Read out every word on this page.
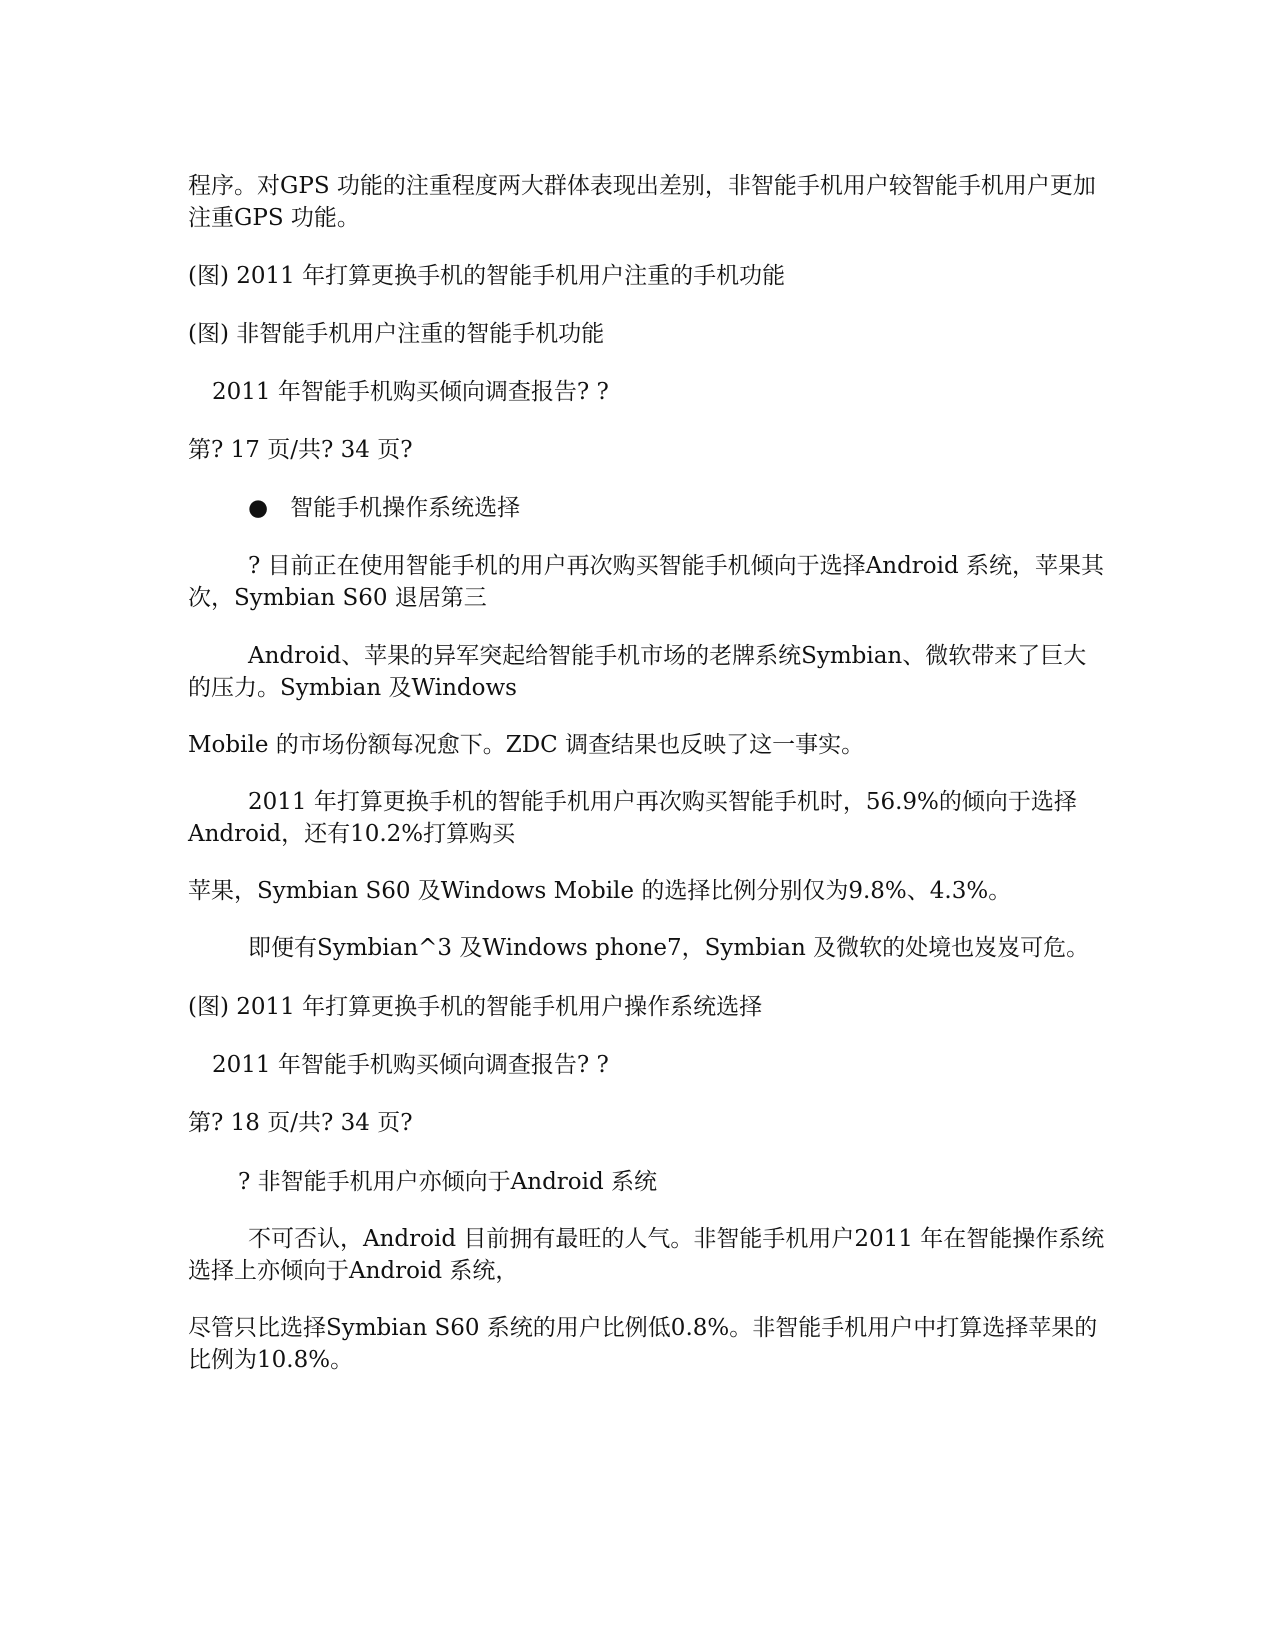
程序。对GPS 功能的注重程度两大群体表现出差别，非智能手机用户较智能手机用户更加注重GPS 功能。

(图) 2011 年打算更换手机的智能手机用户注重的手机功能

(图) 非智能手机用户注重的智能手机功能

2011 年智能手机购买倾向调查报告? ?

第? 17 页/共? 34 页?

● 智能手机操作系统选择

? 目前正在使用智能手机的用户再次购买智能手机倾向于选择Android 系统，苹果其次，Symbian S60 退居第三

Android、苹果的异军突起给智能手机市场的老牌系统Symbian、微软带来了巨大的压力。Symbian 及Windows

Mobile 的市场份额每况愈下。ZDC 调查结果也反映了这一事实。

2011 年打算更换手机的智能手机用户再次购买智能手机时，56.9%的倾向于选择Android，还有10.2%打算购买

苹果，Symbian S60 及Windows Mobile 的选择比例分别仅为9.8%、4.3%。

即便有Symbian^3 及Windows phone7，Symbian 及微软的处境也岌岌可危。

(图) 2011 年打算更换手机的智能手机用户操作系统选择

2011 年智能手机购买倾向调查报告? ?

第? 18 页/共? 34 页?

? 非智能手机用户亦倾向于Android 系统

不可否认，Android 目前拥有最旺的人气。非智能手机用户2011 年在智能操作系统选择上亦倾向于Android 系统，

尽管只比选择Symbian S60 系统的用户比例低0.8%。非智能手机用户中打算选择苹果的比例为10.8%。
